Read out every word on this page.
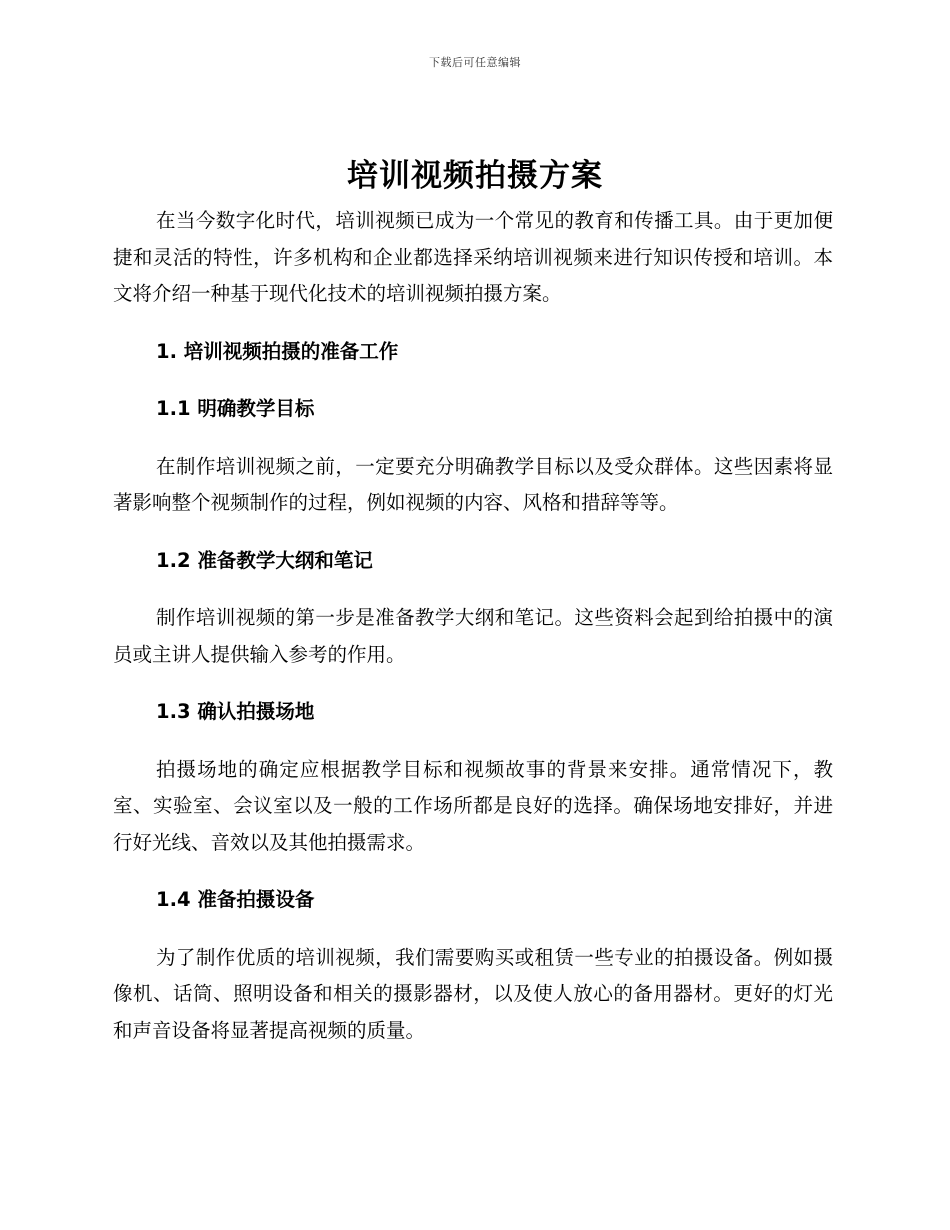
下载后可任意编辑
培训视频拍摄方案

在当今数字化时代，培训视频已成为一个常见的教育和传播工具。由于更加便捷和灵活的特性，许多机构和企业都选择采纳培训视频来进行知识传授和培训。本文将介绍一种基于现代化技术的培训视频拍摄方案。

1. 培训视频拍摄的准备工作

1.1 明确教学目标

在制作培训视频之前，一定要充分明确教学目标以及受众群体。这些因素将显著影响整个视频制作的过程，例如视频的内容、风格和措辞等等。

1.2 准备教学大纲和笔记

制作培训视频的第一步是准备教学大纲和笔记。这些资料会起到给拍摄中的演员或主讲人提供输入参考的作用。

1.3 确认拍摄场地

拍摄场地的确定应根据教学目标和视频故事的背景来安排。通常情况下，教室、实验室、会议室以及一般的工作场所都是良好的选择。确保场地安排好，并进行好光线、音效以及其他拍摄需求。

1.4 准备拍摄设备

为了制作优质的培训视频，我们需要购买或租赁一些专业的拍摄设备。例如摄像机、话筒、照明设备和相关的摄影器材，以及使人放心的备用器材。更好的灯光和声音设备将显著提高视频的质量。
